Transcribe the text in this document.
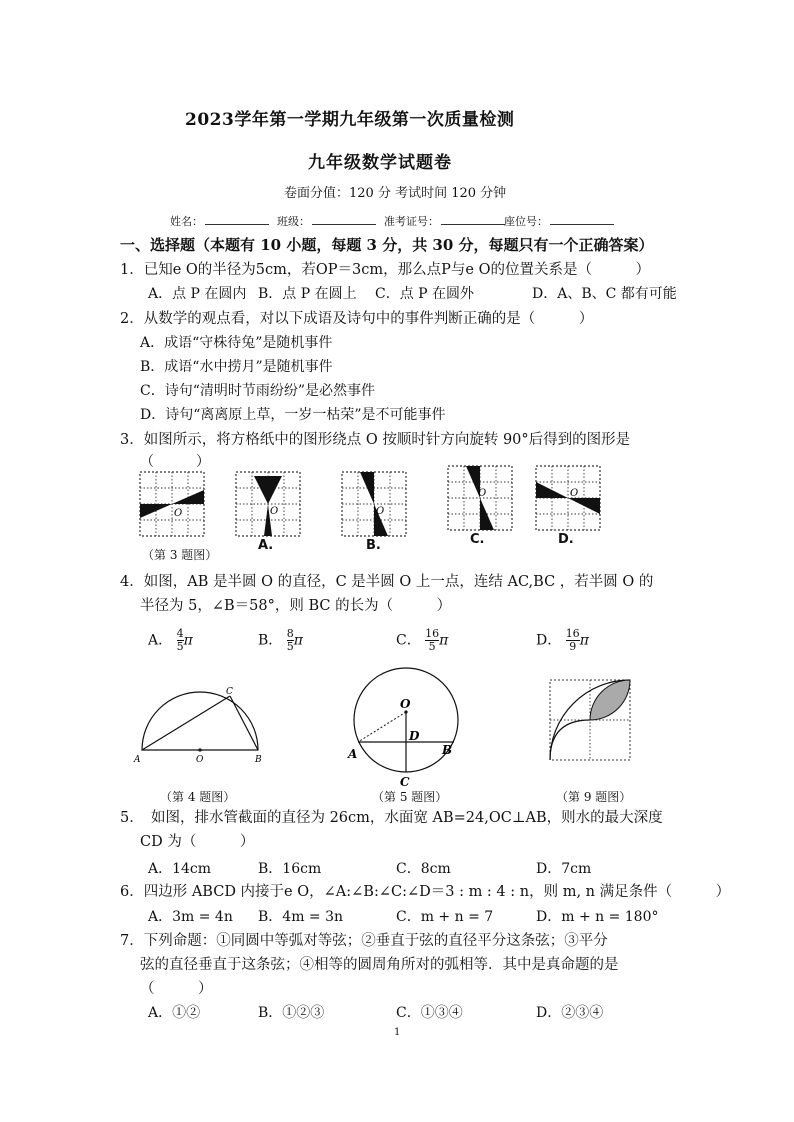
2023学年第一学期九年级第一次质量检测
九年级数学试题卷
卷面分值：120 分 考试时间 120 分钟
姓名：	班级：	准考证号：	座位号：
一、选择题（本题有 10 小题，每题 3 分，共 30 分，每题只有一个正确答案）
1．已知e O的半径为5cm，若OP＝3cm，那么点P与e O的位置关系是（　　　）
A．点 P 在圆内 B．点 P 在圆上 C．点 P 在圆外	D．A、B、C 都有可能
2．从数学的观点看，对以下成语及诗句中的事件判断正确的是（　　　）
A．成语“守株待兔”是随机事件
B．成语“水中捞月”是随机事件
C．诗句“清明时节雨纷纷”是必然事件
D．诗句“离离原上草，一岁一枯荣”是不可能事件
3．如图所示，将方格纸中的图形绕点 O 按顺时针方向旋转 90°后得到的图形是
（　　　）
O
（第 3 题图）
O
A.
O
B.
O
C.
O
D.
4．如图，AB 是半圆 O 的直径，C 是半圆 O 上一点，连结 AC,BC ，若半圆 O 的
半径为 5，∠B＝58°，则 BC 的长为（　　　）
A． $\frac{4}{5}$ π	B． $\frac{8}{5}$ π	C． $\frac{16}{5}$ π	D． $\frac{16}{9}$ π
A	B
O
C
（第 4 题图）
O
D
A	B
C
（第 5 题图）	（第 9 题图）
5．　如图，排水管截面的直径为 26cm，水面宽 AB=24,OC⊥AB，则水的最大深度
CD 为（　　　）
A．14cm	B．16cm	C．8cm	D．7cm
6．四边形 ABCD 内接于e O，∠A:∠B:∠C:∠D＝3 : m : 4 : n，则 m, n 满足条件（　　　）
A．3m = 4n B．4m = 3n	C．m + n = 7	D．m + n = 180°
7．下列命题：①同圆中等弧对等弦；②垂直于弦的直径平分这条弦；③平分
弦的直径垂直于这条弦；④相等的圆周角所对的弧相等．其中是真命题的是
（　　　）
A．①②	B．①②③	C．①③④	D．②③④
1
